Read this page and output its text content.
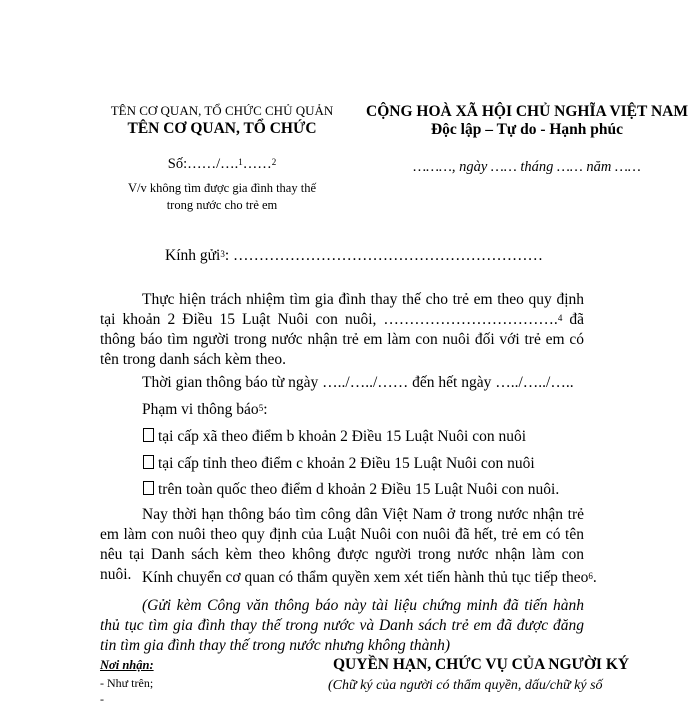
TÊN CƠ QUAN, TỔ CHỨC CHỦ QUẢN
TÊN CƠ QUAN, TỔ CHỨC
Số:……/….$^1$……$^2$
V/v không tìm được gia đình thay thế
trong nước cho trẻ em
CỘNG HOÀ XÃ HỘI CHỦ NGHĨA VIỆT NAM
Độc lập – Tự do - Hạnh phúc
………, ngày …… tháng …… năm ……
Kính gửi$^3$: ……………………………………………………
Thực hiện trách nhiệm tìm gia đình thay thế cho trẻ em theo quy định tại khoản 2 Điều 15 Luật Nuôi con nuôi, …………………………….$^4$ đã thông báo tìm người trong nước nhận trẻ em làm con nuôi đối với trẻ em có tên trong danh sách kèm theo.
Thời gian thông báo từ ngày …../…../…… đến hết ngày …../…../…..
Phạm vi thông báo$^5$:
tại cấp xã theo điểm b khoản 2 Điều 15 Luật Nuôi con nuôi
tại cấp tỉnh theo điểm c khoản 2 Điều 15 Luật Nuôi con nuôi
trên toàn quốc theo điểm d khoản 2 Điều 15 Luật Nuôi con nuôi.
Nay thời hạn thông báo tìm công dân Việt Nam ở trong nước nhận trẻ em làm con nuôi theo quy định của Luật Nuôi con nuôi đã hết, trẻ em có tên nêu tại Danh sách kèm theo không được người trong nước nhận làm con nuôi. Kính chuyển cơ quan có thẩm quyền xem xét tiến hành thủ tục tiếp theo$^6$.
(Gửi kèm Công văn thông báo này tài liệu chứng minh đã tiến hành thủ tục tìm gia đình thay thế trong nước và Danh sách trẻ em đã được đăng tin tìm gia đình thay thế trong nước nhưng không thành)
Nơi nhận:
- Như trên;
-
QUYỀN HẠN, CHỨC VỤ CỦA NGƯỜI KÝ
(Chữ ký của người có thẩm quyền, dấu/chữ ký số
